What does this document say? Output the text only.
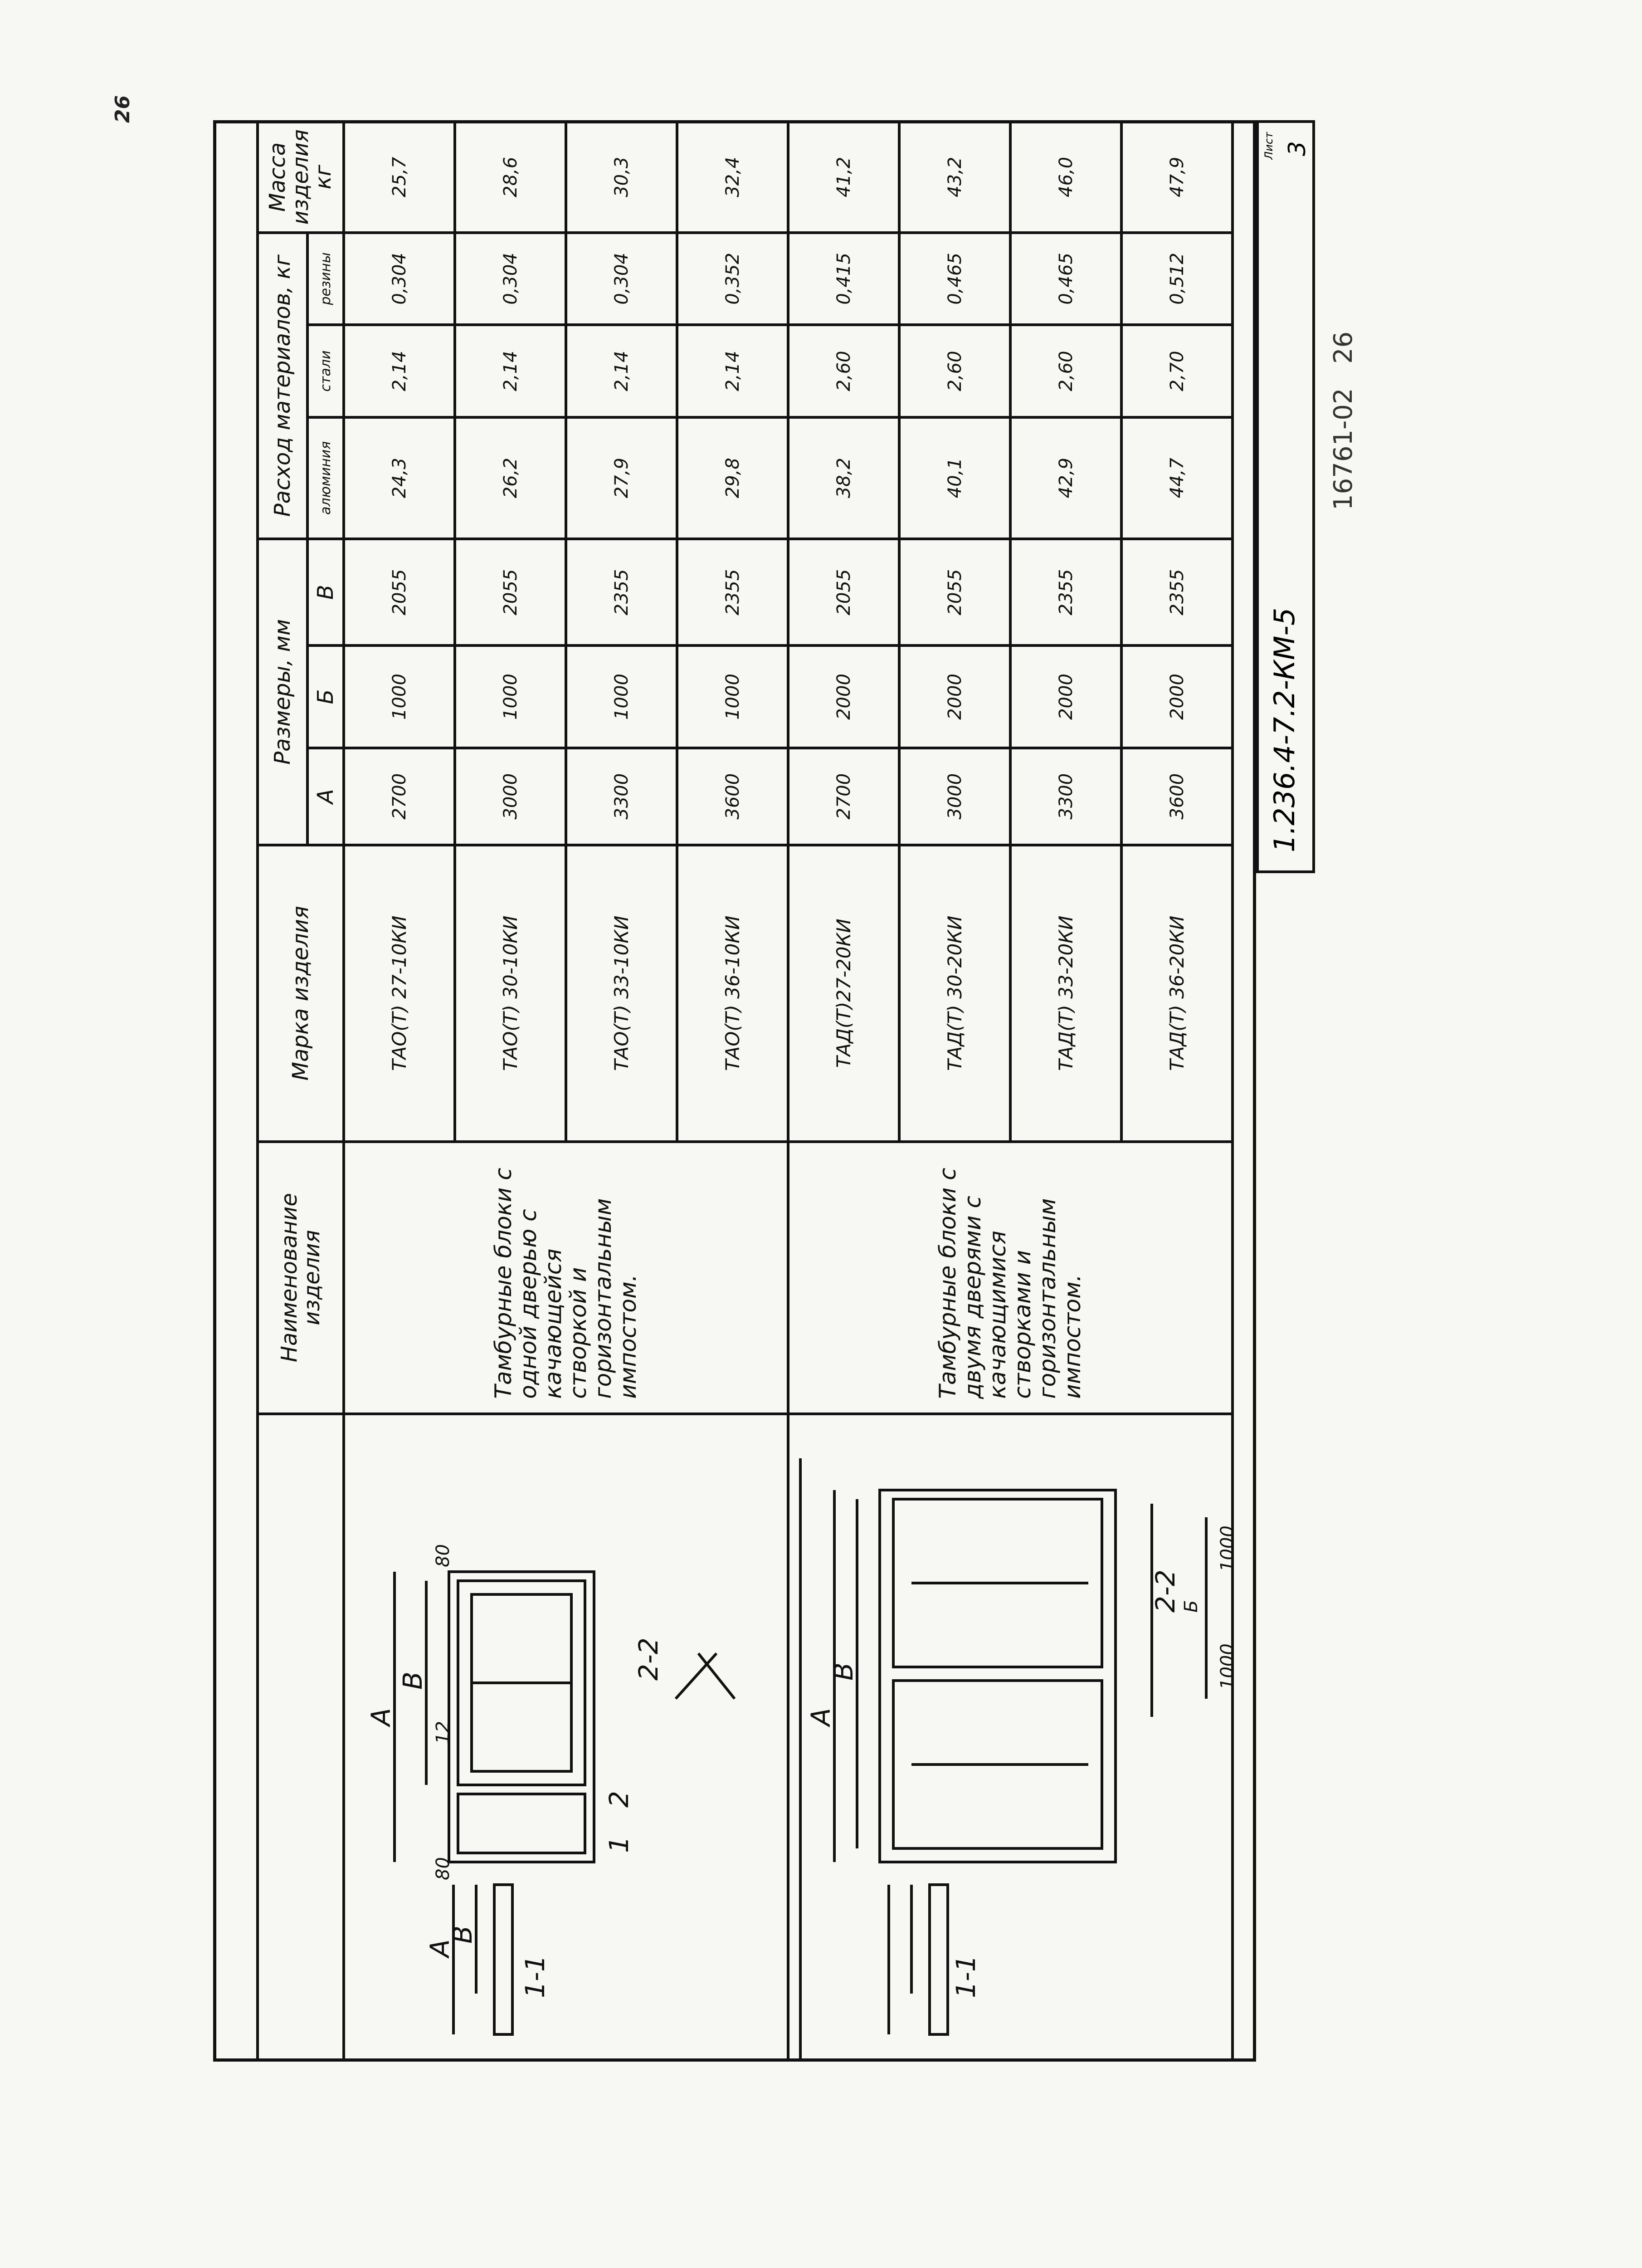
26
	Наименование изделия	Марка изделия	Размеры, мм			Расход материалов, кг			Масса изделия кг
			А	Б	В	алюминия	стали	резины	
	Тамбурные блоки с одной дверью с качающейся створкой и горизонтальным импостом.	ТАО(Т) 27-10КИ	2700	1000	2055	24,3	2,14	0,304	25,7
		ТАО(Т) 30-10КИ	3000	1000	2055	26,2	2,14	0,304	28,6
		ТАО(Т) 33-10КИ	3300	1000	2355	27,9	2,14	0,304	30,3
		ТАО(Т) 36-10КИ	3600	1000	2355	29,8	2,14	0,352	32,4
	Тамбурные блоки с двумя дверями с качающимися створками и горизонтальным импостом.	ТАД(Т)27-20КИ	2700	2000	2055	38,2	2,60	0,415	41,2
		ТАД(Т) 30-20КИ	3000	2000	2055	40,1	2,60	0,465	43,2
		ТАД(Т) 33-20КИ	3300	2000	2355	42,9	2,60	0,465	46,0
		ТАД(Т) 36-20КИ	3600	2000	2355	44,7	2,70	0,512	47,9
1-1	1-1
1
2
2-2
2-2
А
В
А
В
А
В
80
80
12
Б
1000
1000
1.236.4-7.2-КМ-5
Лист 3
16761-02   26
